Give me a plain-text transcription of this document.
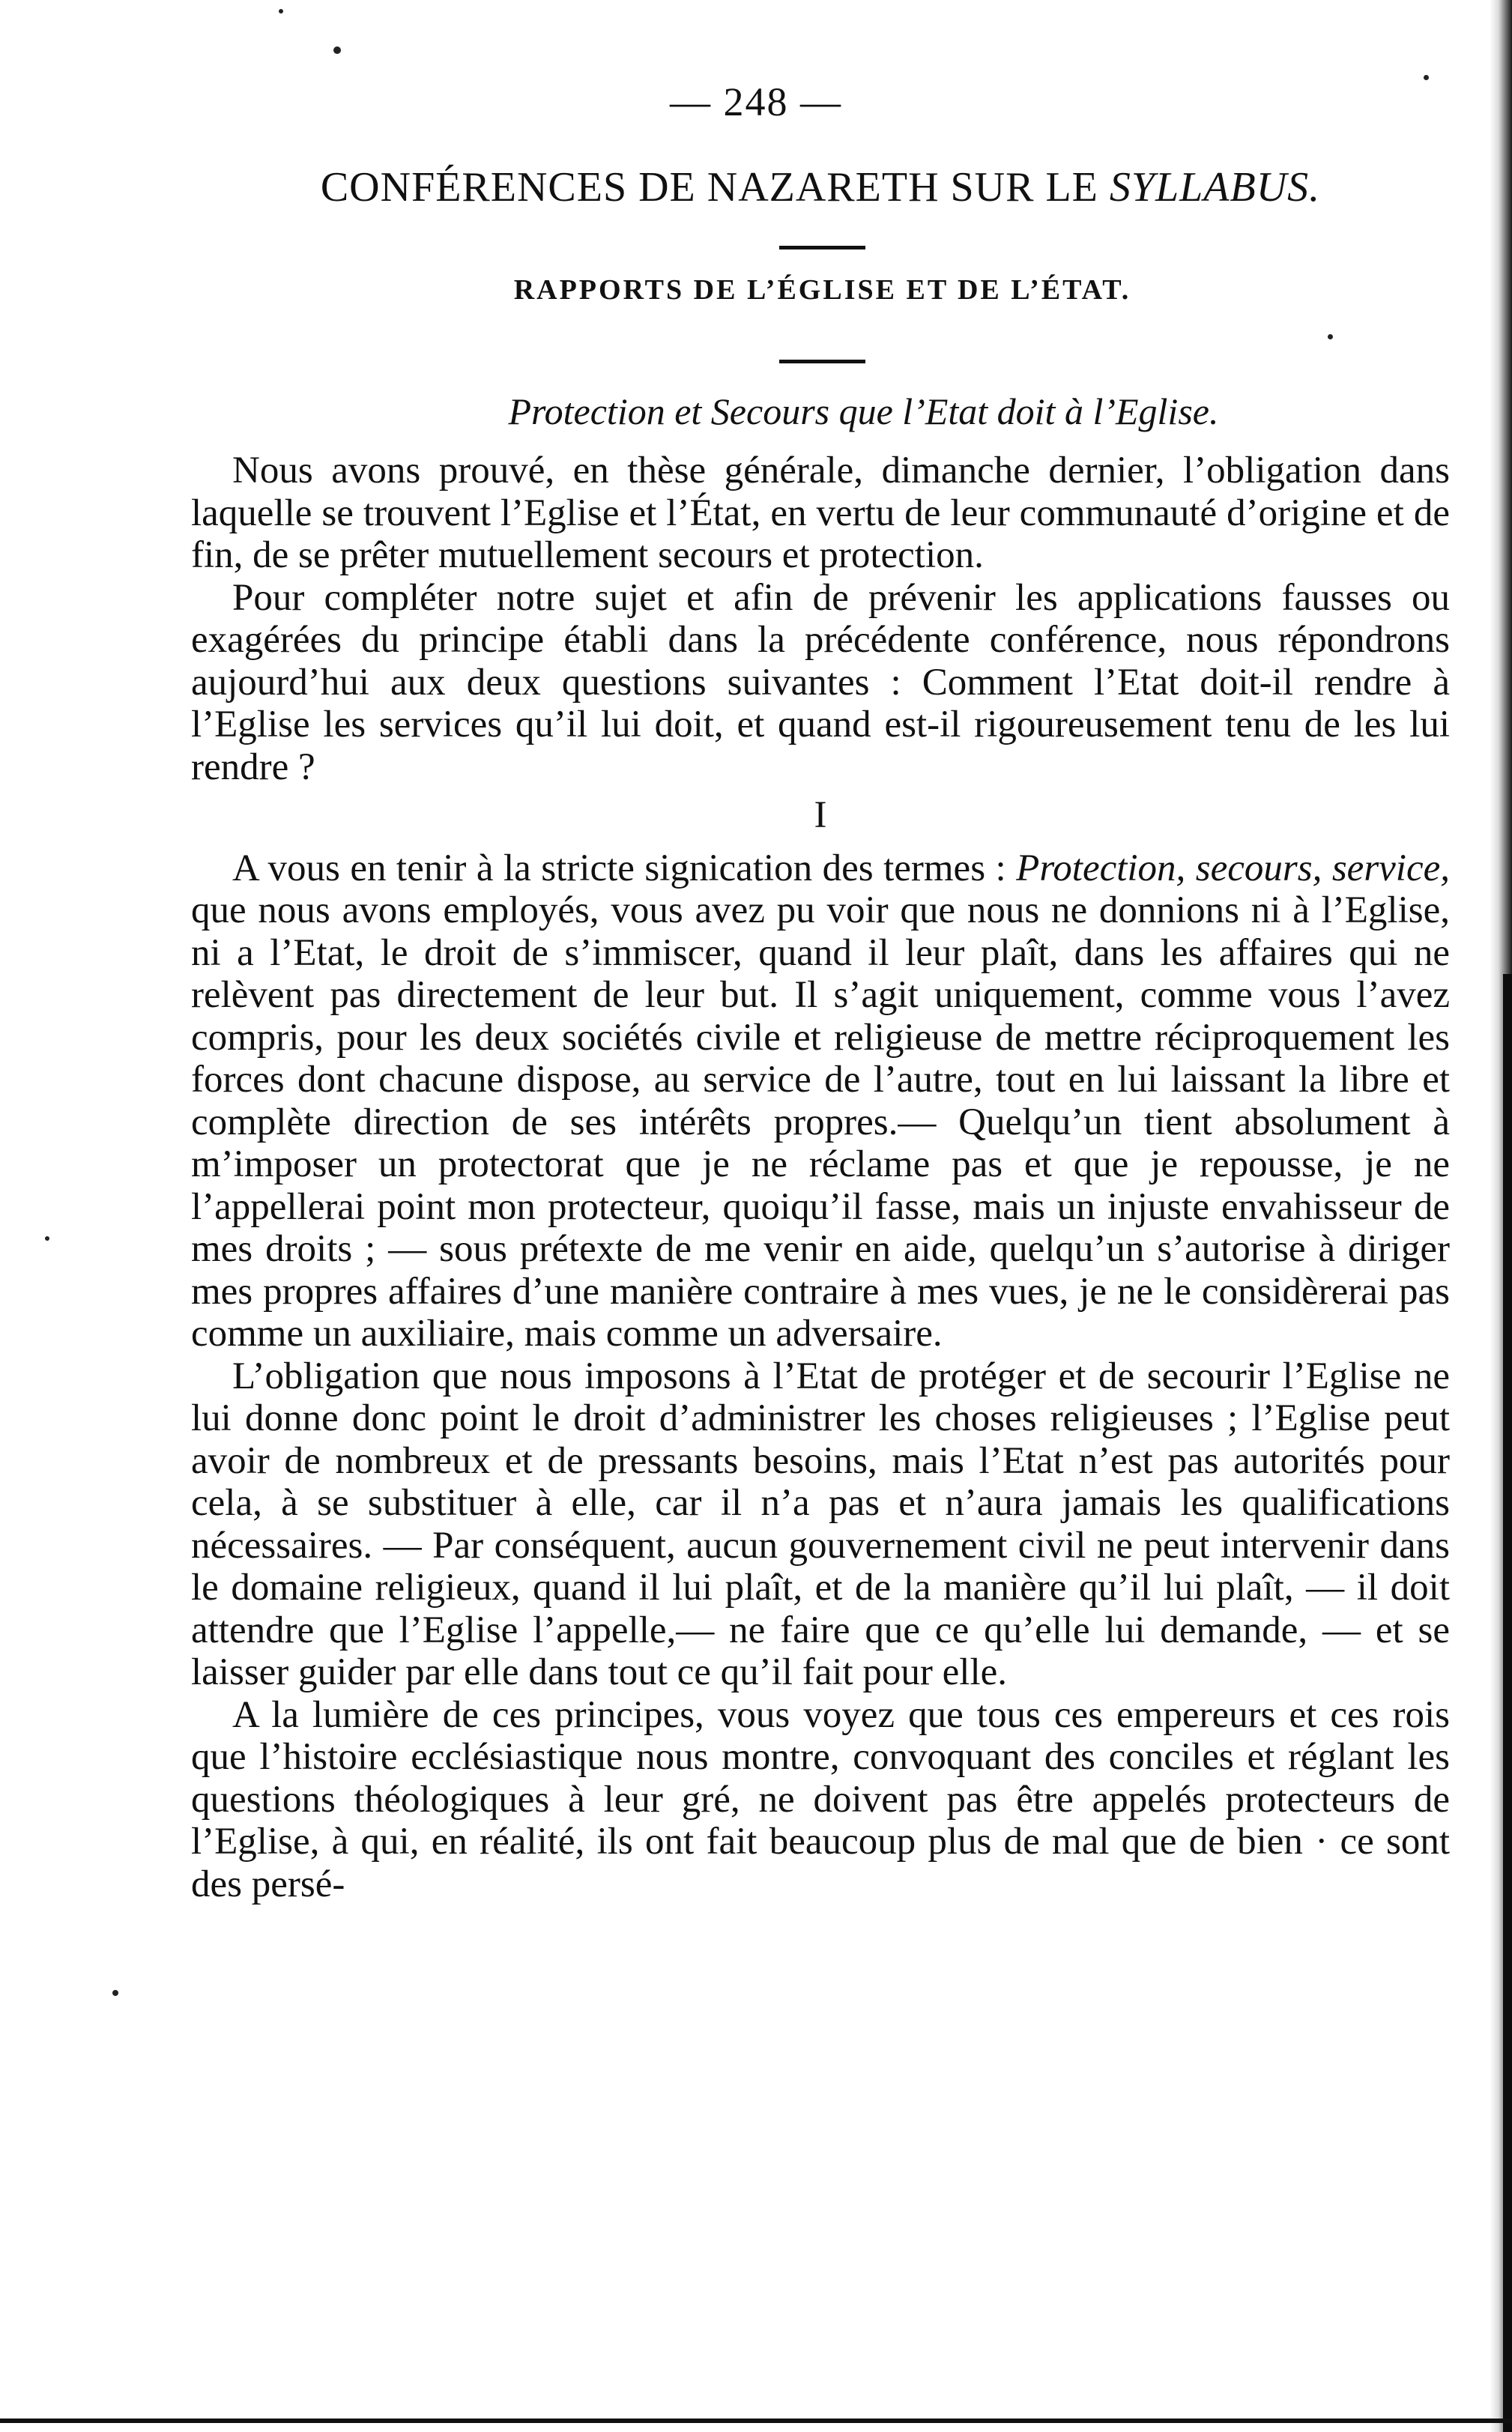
— 248 —
CONFÉRENCES DE NAZARETH SUR LE SYLLABUS.
RAPPORTS DE L’ÉGLISE ET DE L’ÉTAT.
Protection et Secours que l’Etat doit à l’Eglise.

Nous avons prouvé, en thèse générale, dimanche dernier, l’obligation dans laquelle se trouvent l’Eglise et l’État, en vertu de leur communauté d’origine et de fin, de se prêter mutuellement secours et protection.

Pour compléter notre sujet et afin de prévenir les applications fausses ou exagérées du principe établi dans la précédente conférence, nous répondrons aujourd’hui aux deux questions suivantes : Comment l’Etat doit-il rendre à l’Eglise les services qu’il lui doit, et quand est-il rigoureusement tenu de les lui rendre ?

I

A vous en tenir à la stricte signication des termes : Protection, secours, service, que nous avons employés, vous avez pu voir que nous ne donnions ni à l’Eglise, ni a l’Etat, le droit de s’immiscer, quand il leur plaît, dans les affaires qui ne relèvent pas directement de leur but. Il s’agit uniquement, comme vous l’avez compris, pour les deux sociétés civile et religieuse de mettre réciproquement les forces dont chacune dispose, au service de l’autre, tout en lui laissant la libre et complète direction de ses intérêts propres.— Quelqu’un tient absolument à m’imposer un protectorat que je ne réclame pas et que je repousse, je ne l’appellerai point mon protecteur, quoiqu’il fasse, mais un injuste envahisseur de mes droits ; — sous prétexte de me venir en aide, quelqu’un s’autorise à diriger mes propres affaires d’une manière contraire à mes vues, je ne le considèrerai pas comme un auxiliaire, mais comme un adversaire.

L’obligation que nous imposons à l’Etat de protéger et de secourir l’Eglise ne lui donne donc point le droit d’administrer les choses religieuses ; l’Eglise peut avoir de nombreux et de pressants besoins, mais l’Etat n’est pas autorités pour cela, à se substituer à elle, car il n’a pas et n’aura jamais les qualifications nécessaires. — Par conséquent, aucun gouvernement civil ne peut intervenir dans le domaine religieux, quand il lui plaît, et de la manière qu’il lui plaît, — il doit attendre que l’Eglise l’appelle,— ne faire que ce qu’elle lui demande, — et se laisser guider par elle dans tout ce qu’il fait pour elle.

A la lumière de ces principes, vous voyez que tous ces empereurs et ces rois que l’histoire ecclésiastique nous montre, convoquant des conciles et réglant les questions théologiques à leur gré, ne doivent pas être appelés protecteurs de l’Eglise, à qui, en réalité, ils ont fait beaucoup plus de mal que de bien · ce sont des persé-
